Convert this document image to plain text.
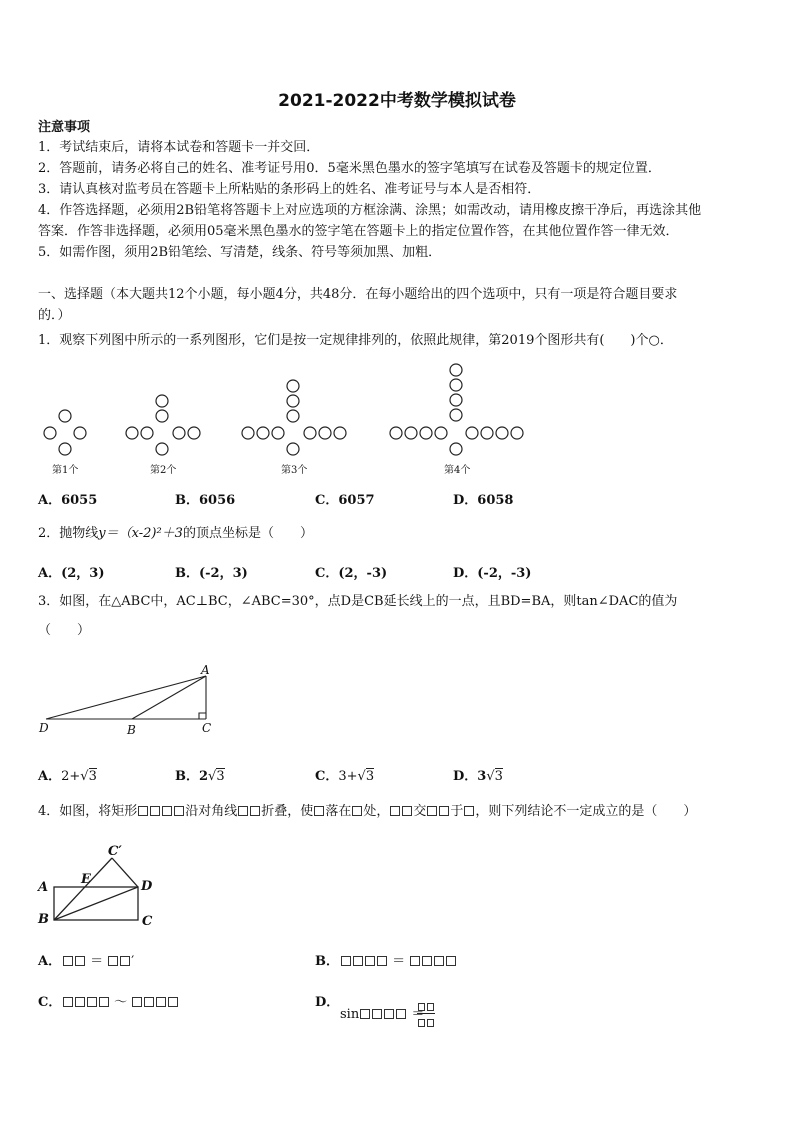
2021-2022中考数学模拟试卷
注意事项
1．考试结束后，请将本试卷和答题卡一并交回．
2．答题前，请务必将自己的姓名、准考证号用0．5毫米黑色墨水的签字笔填写在试卷及答题卡的规定位置．
3．请认真核对监考员在答题卡上所粘贴的条形码上的姓名、准考证号与本人是否相符．
4．作答选择题，必须用2B铅笔将答题卡上对应选项的方框涂满、涂黑；如需改动，请用橡皮擦干净后，再选涂其他
答案．作答非选择题，必须用05毫米黑色墨水的签字笔在答题卡上的指定位置作答，在其他位置作答一律无效．
5．如需作图，须用2B铅笔绘、写清楚，线条、符号等须加黑、加粗．
一、选择题（本大题共12个小题，每小题4分，共48分．在每小题给出的四个选项中，只有一项是符合题目要求
的．）
1．观察下列图中所示的一系列图形，它们是按一定规律排列的，依照此规律，第2019个图形共有(　　)个○．
第1个	第2个	第3个	第4个
A．6055	B．6056	C．6057	D．6058
2．抛物线y＝（x-2)²＋3的顶点坐标是（　　）
A．(2，3)	B．(-2，3)	C．(2，-3)	D．(-2，-3)
3．如图，在△ABC中，AC⊥BC，∠ABC=30°，点D是CB延长线上的一点，且BD=BA，则tan∠DAC的值为
（　　）
A
D	B	C
A．2+√3	B．2√3	C．3+√3	D．3√3
4．如图，将矩形	沿对角线 折叠，使 落在 处， 交 于 ，则下列结论不一定成立的是（　　）
A
B	C
D
E
C′
A．	＝ ′	B．	＝
C．	～	D．
sin	＝
